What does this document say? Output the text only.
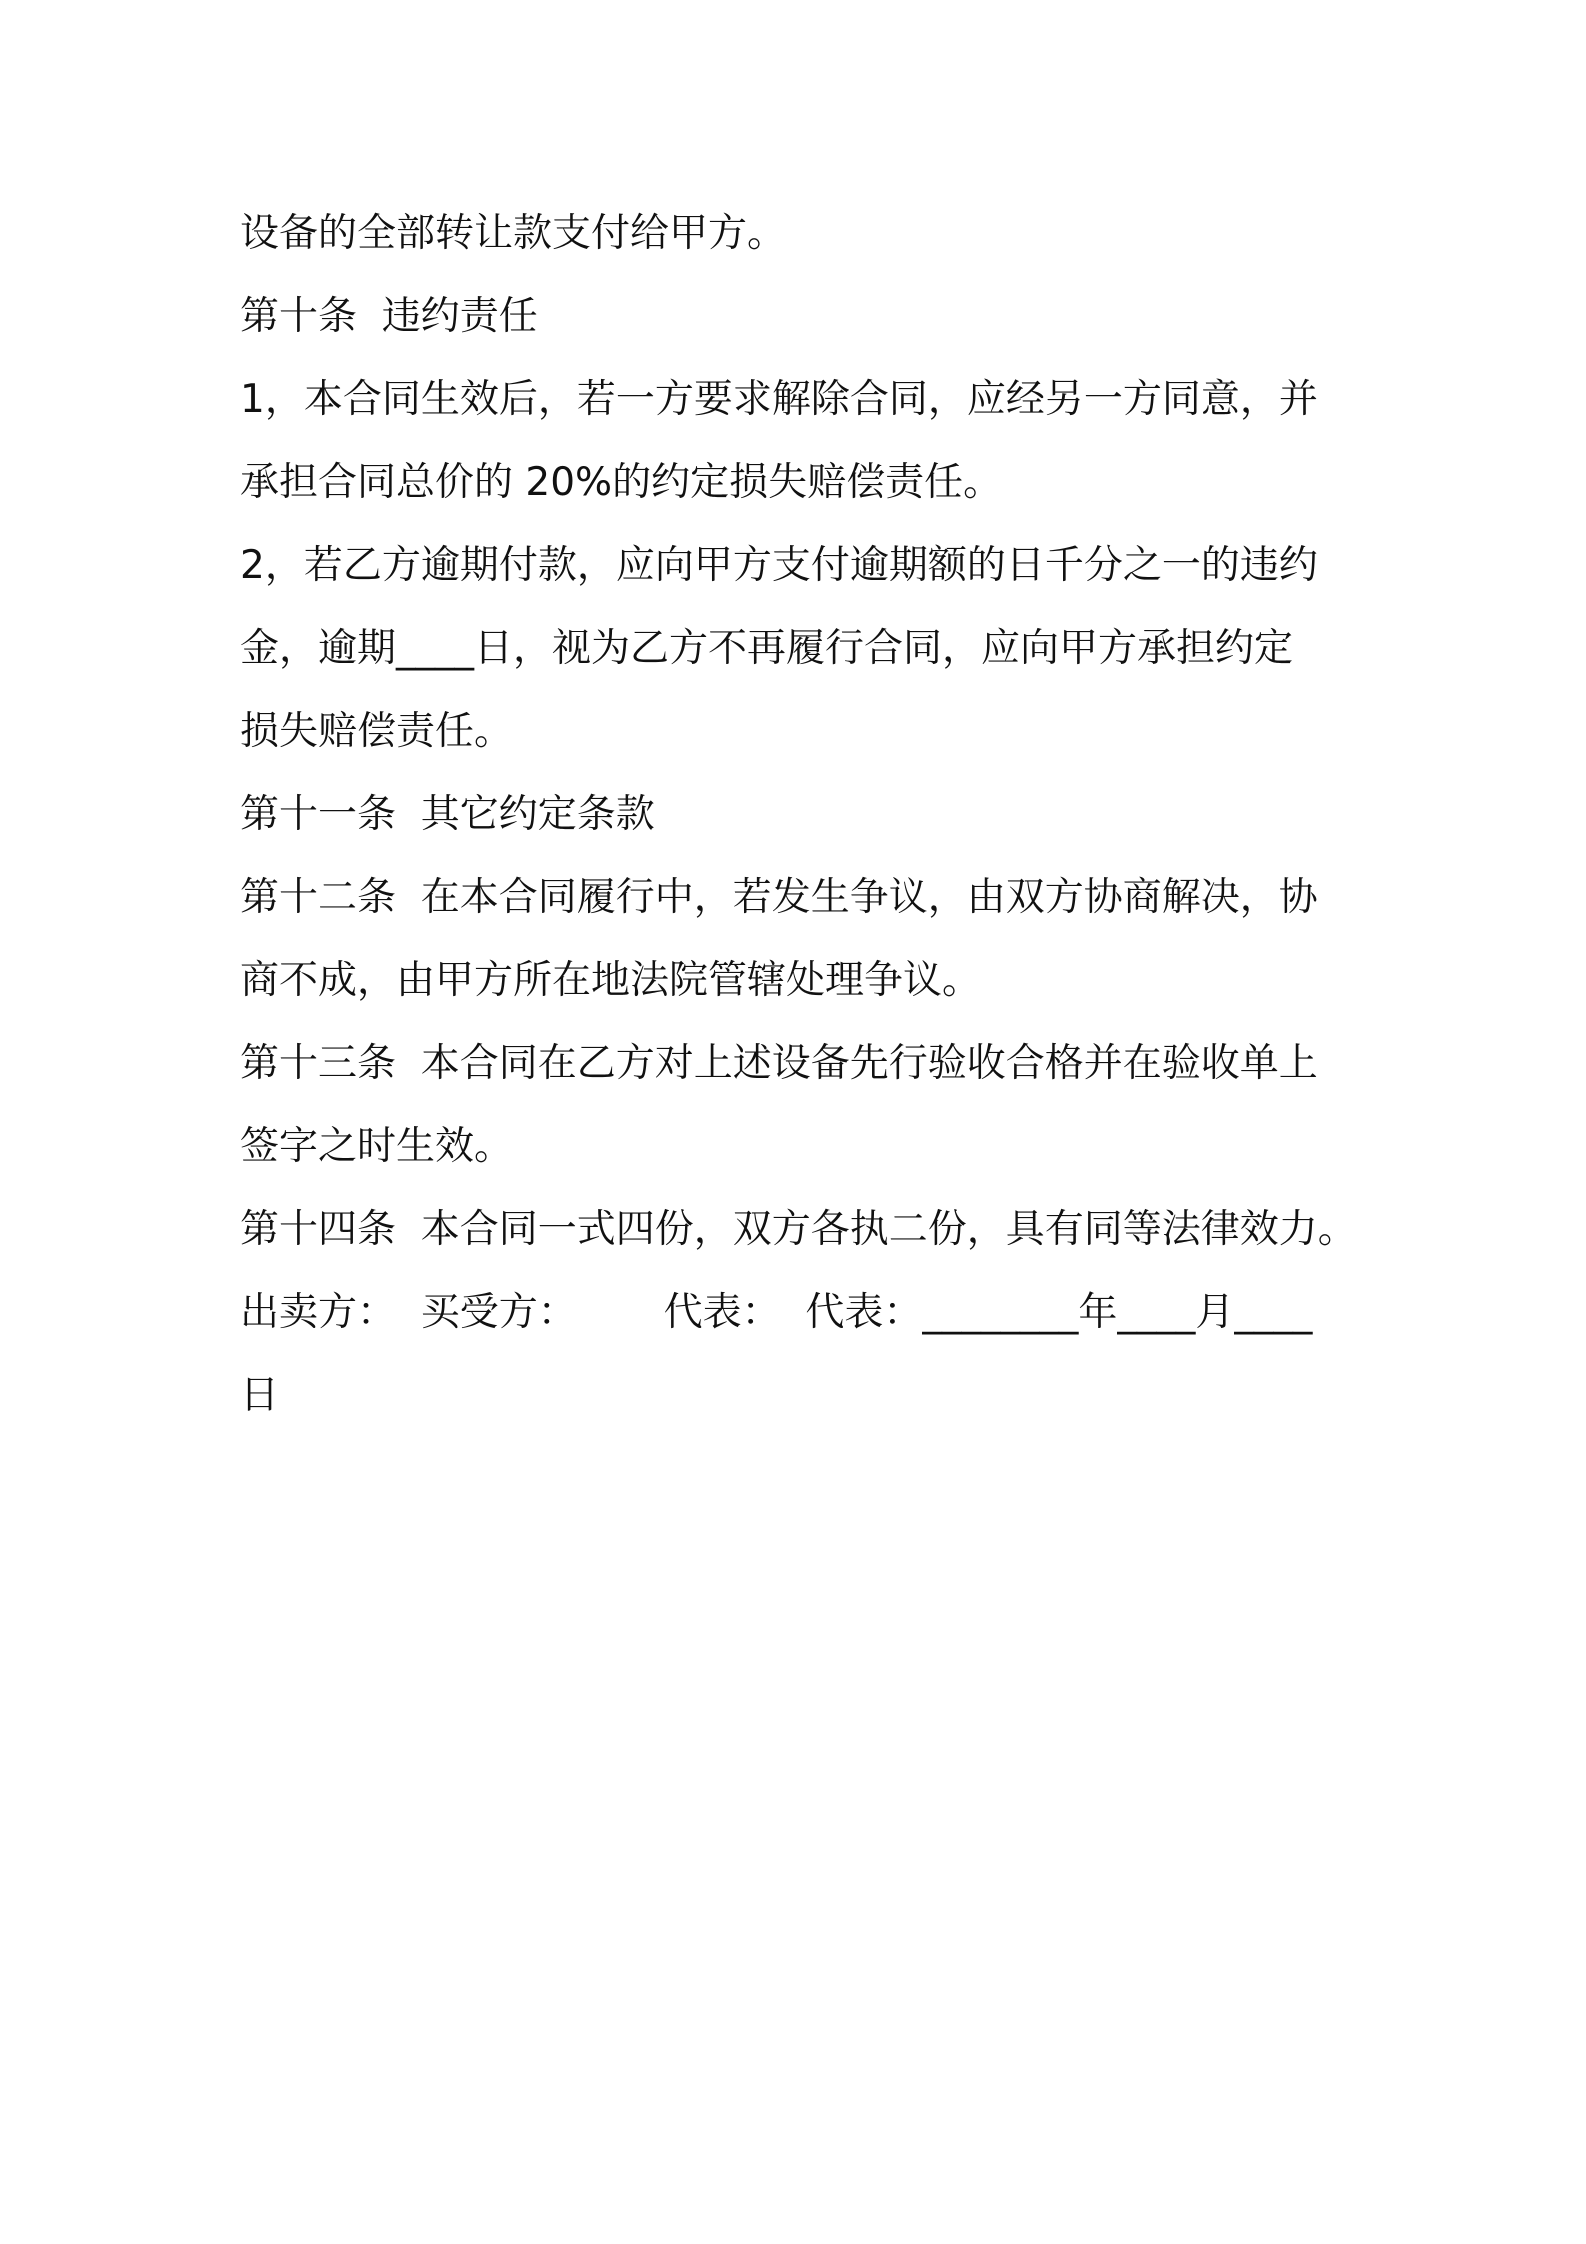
设备的全部转让款支付给甲方。
第十条  违约责任
1，本合同生效后，若一方要求解除合同，应经另一方同意，并
承担合同总价的 20%的约定损失赔偿责任。
2，若乙方逾期付款，应向甲方支付逾期额的日千分之一的违约
金，逾期____日，视为乙方不再履行合同，应向甲方承担约定
损失赔偿责任。
第十一条  其它约定条款
第十二条  在本合同履行中，若发生争议，由双方协商解决，协
商不成，由甲方所在地法院管辖处理争议。
第十三条  本合同在乙方对上述设备先行验收合格并在验收单上
签字之时生效。
第十四条  本合同一式四份，双方各执二份，具有同等法律效力。
出卖方：  买受方：       代表：  代表：________年____月____
日
